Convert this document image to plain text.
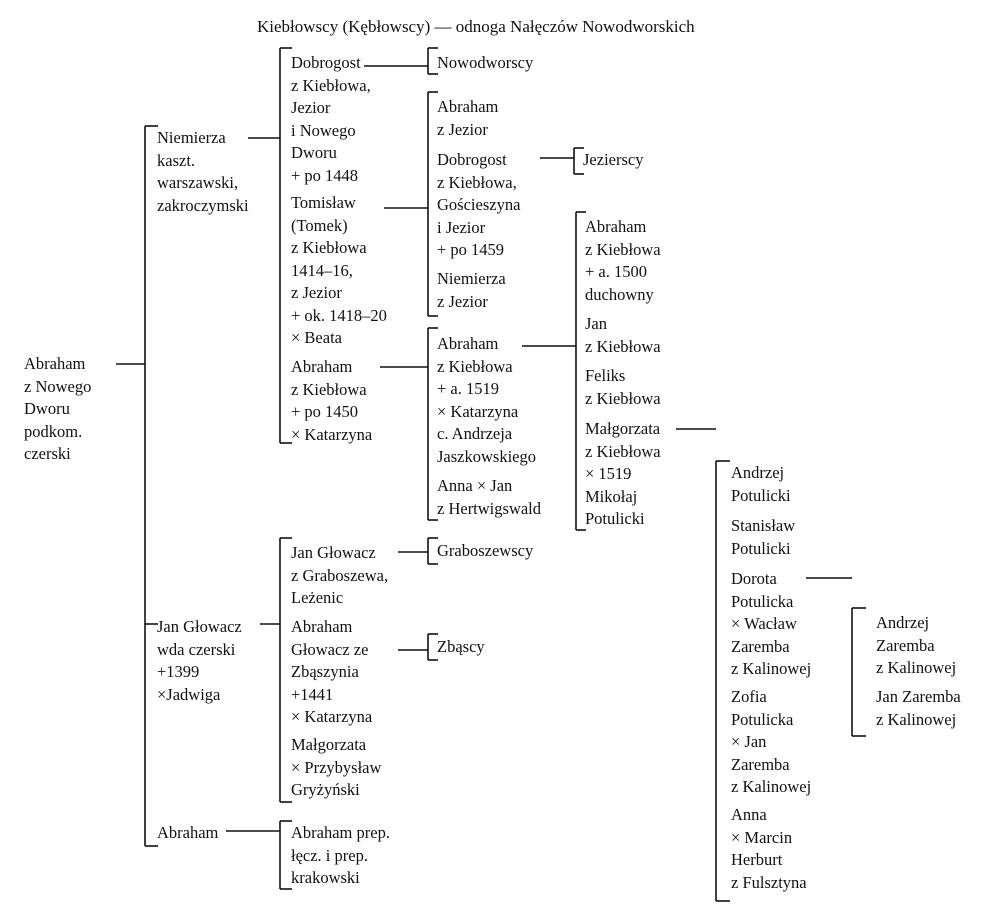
Kiebłowscy (Kębłowscy) — odnoga Nałęczów Nowodworskich
Abraham
z Nowego
Dworu
podkom.
czerski
Niemierza
kaszt.
warszawski,
zakroczymski
Jan Głowacz
wda czerski
+1399
×Jadwiga
Abraham
Dobrogost
z Kiebłowa,
Jezior
i Nowego
Dworu
+ po 1448
Tomisław
(Tomek)
z Kiebłowa
1414–16,
z Jezior
+ ok. 1418–20
× Beata
Abraham
z Kiebłowa
+ po 1450
× Katarzyna
Jan Głowacz
z Graboszewa,
Leżenic
Abraham
Głowacz ze
Zbąszynia
+1441
× Katarzyna
Małgorzata
× Przybysław
Gryżyński
Abraham prep.
łęcz. i prep.
krakowski
Nowodworscy
Graboszewscy
Zbąscy
Abraham
z Jezior
Dobrogost
z Kiebłowa,
Gościeszyna
i Jezior
+ po 1459
Niemierza
z Jezior
Jezierscy
Abraham
z Kiebłowa
+ a. 1519
× Katarzyna
c. Andrzeja
Jaszkowskiego
Anna × Jan
z Hertwigswald
Abraham
z Kiebłowa
+ a. 1500
duchowny
Jan
z Kiebłowa
Feliks
z Kiebłowa
Małgorzata
z Kiebłowa
× 1519
Mikołaj
Potulicki
Andrzej
Potulicki
Stanisław
Potulicki
Dorota
Potulicka
× Wacław
Zaremba
z Kalinowej
Zofia
Potulicka
× Jan
Zaremba
z Kalinowej
Anna
× Marcin
Herburt
z Fulsztyna
Andrzej
Zaremba
z Kalinowej
Jan Zaremba
z Kalinowej
